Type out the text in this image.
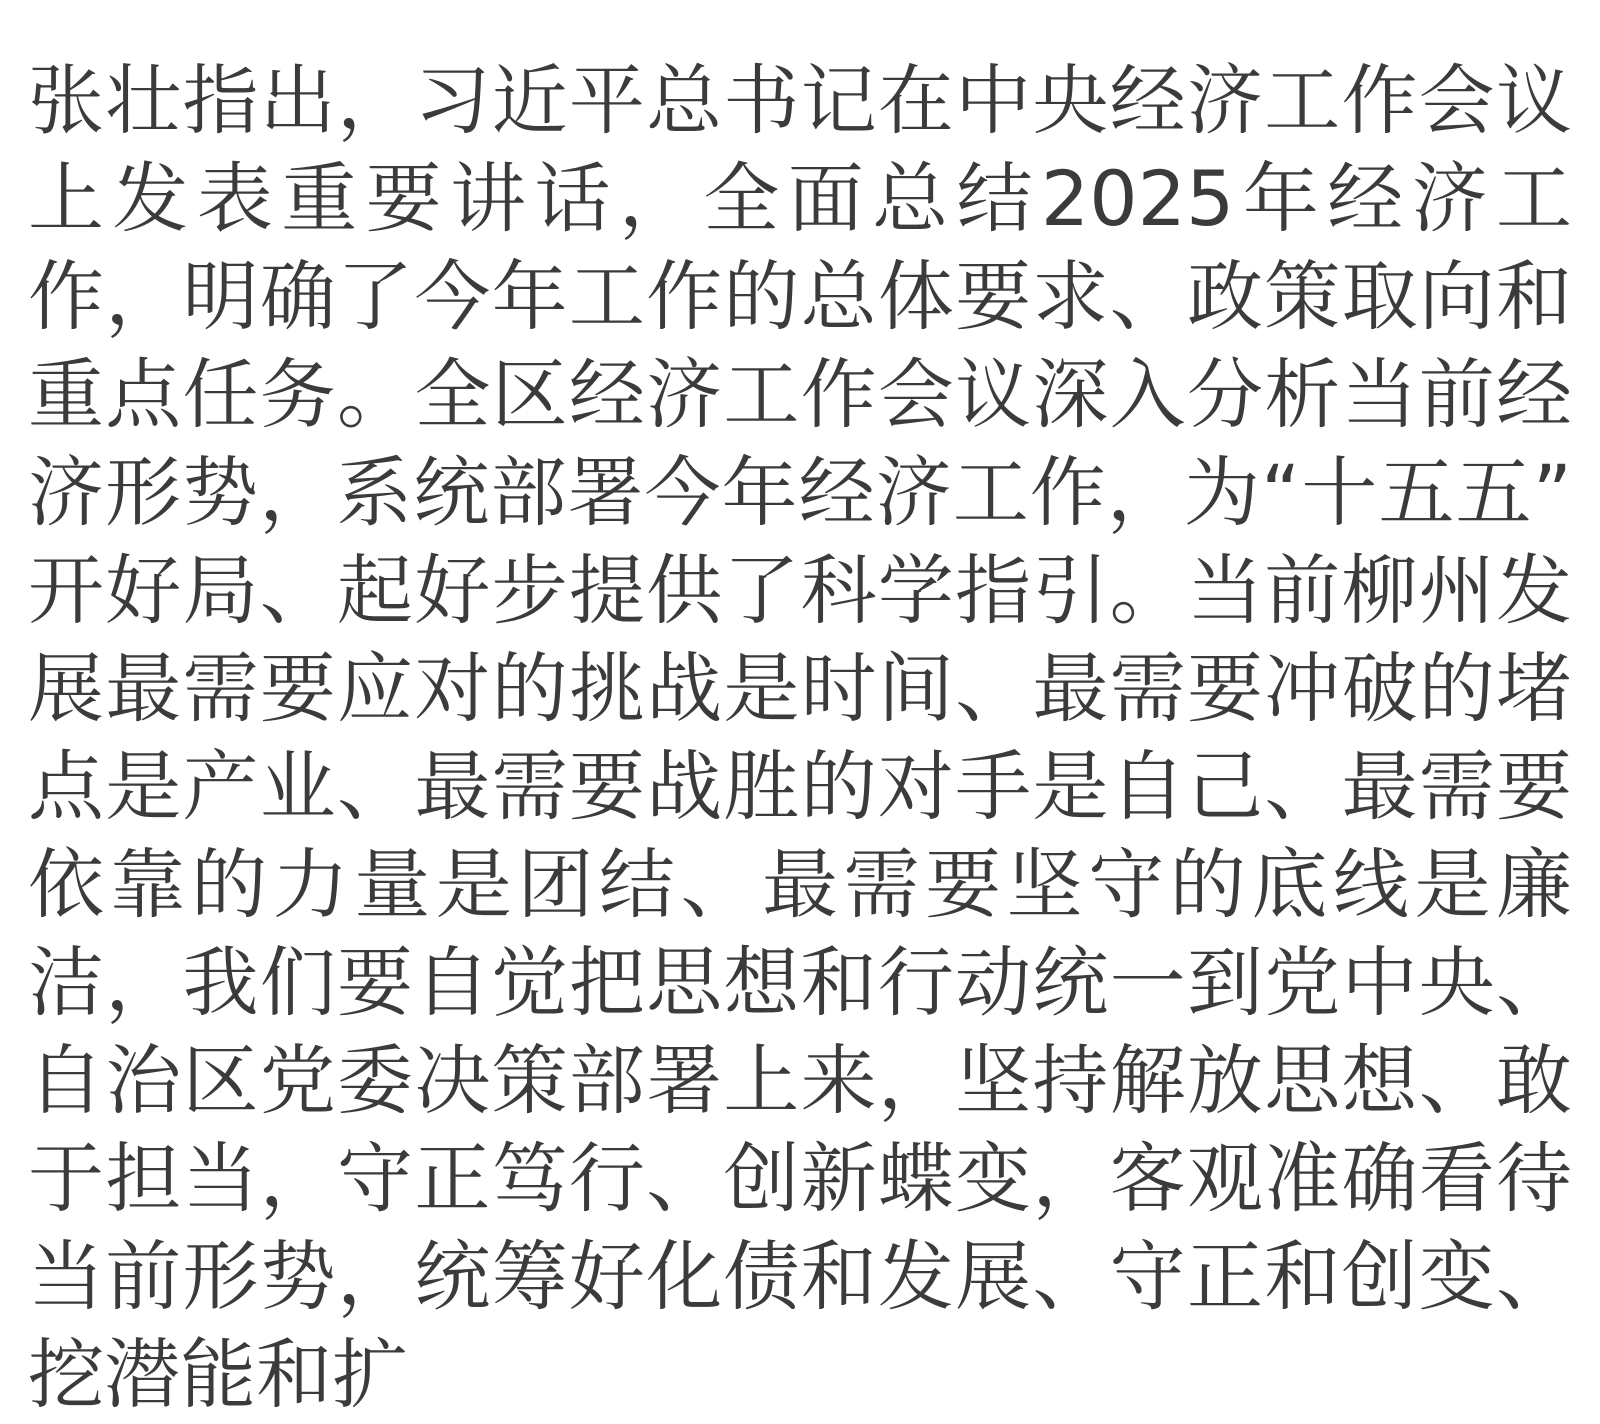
张壮指出，习近平总书记在中央经济工作会议上发表重要讲话，全面总结2025年经济工作，明确了今年工作的总体要求、政策取向和重点任务。全区经济工作会议深入分析当前经济形势，系统部署今年经济工作，为“十五五”开好局、起好步提供了科学指引。当前柳州发展最需要应对的挑战是时间、最需要冲破的堵点是产业、最需要战胜的对手是自己、最需要依靠的力量是团结、最需要坚守的底线是廉洁，我们要自觉把思想和行动统一到党中央、自治区党委决策部署上来，坚持解放思想、敢于担当，守正笃行、创新蝶变，客观准确看待当前形势，统筹好化债和发展、守正和创变、挖潜能和扩
